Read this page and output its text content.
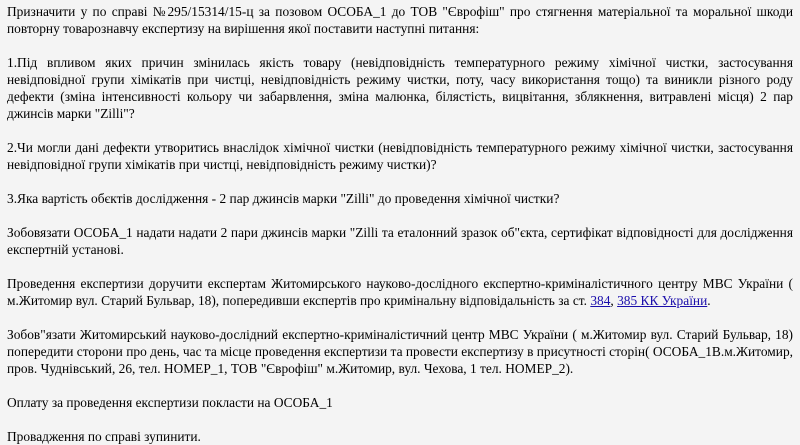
Призначити у по справі №295/15314/15-ц за позовом ОСОБА_1 до ТОВ "Єврофіш" про стягнення матеріальної та моральної шкоди повторну товарознавчу експертизу на вирішення якої поставити наступні питання:

1.Під впливом яких причин змінилась якість товару (невідповідність температурного режиму хімічної чистки, застосування невідповідної групи хімікатів при чистці, невідповідність режиму чистки, поту, часу використання тощо) та виникли різного роду дефекти (зміна інтенсивності кольору чи забарвлення, зміна малюнка, білястість, вицвітання, зблякнення, витравлені місця) 2 пар джинсів марки "Zilli"?

2.Чи могли дані дефекти утворитись внаслідок хімічної чистки (невідповідність температурного режиму хімічної чистки, застосування невідповідної групи хімікатів при чистці, невідповідність режиму чистки)?

3.Яка вартість обєктів дослідження - 2 пар джинсів марки "Zilli" до проведення хімічної чистки?

Зобовязати ОСОБА_1 надати надати 2 пари джинсів марки "Zilli та еталонний зразок об"єкта, сертифікат відповідності для дослідження експертній установі.

Проведення експертизи доручити експертам Житомирського науково-дослідного експертно-криміналістичного центру МВС України ( м.Житомир вул. Старий Бульвар, 18), попередивши експертів про кримінальну відповідальність за ст. 384, 385 КК України.

Зобов"язати Житомирський науково-дослідний експертно-криміналістичний центр МВС України ( м.Житомир вул. Старий Бульвар, 18) попередити сторони про день, час та місце проведення експертизи та провести експертизу в присутності сторін( ОСОБА_1В.м.Житомир, пров. Чуднівський, 26, тел. НОМЕР_1, ТОВ "Єврофіш" м.Житомир, вул. Чехова, 1 тел. НОМЕР_2).

Оплату за проведення експертизи покласти на ОСОБА_1

Провадження по справі зупинити.
